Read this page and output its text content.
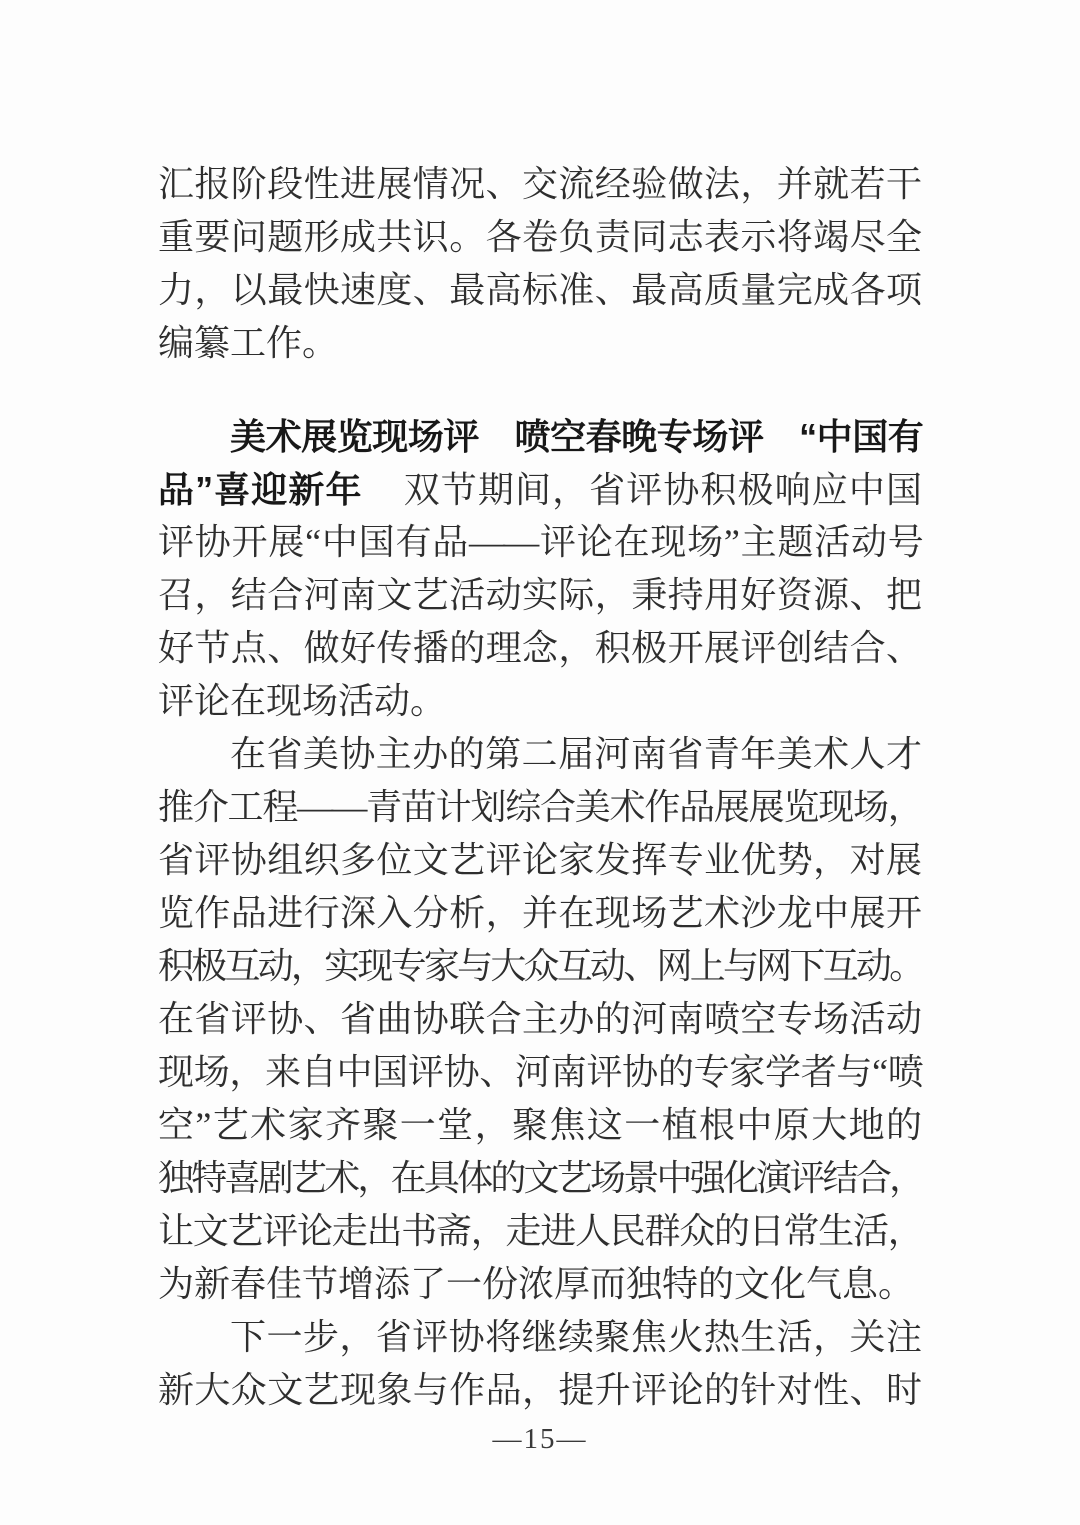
汇报阶段性进展情况、交流经验做法，并就若干
重要问题形成共识。各卷负责同志表示将竭尽全
力，以最快速度、最高标准、最高质量完成各项
编纂工作。
美术展览现场评　喷空春晚专场评　“中国有
品”喜迎新年 双节期间，省评协积极响应中国
评协开展“中国有品——评论在现场”主题活动号
召，结合河南文艺活动实际，秉持用好资源、把
好节点、做好传播的理念，积极开展评创结合、
评论在现场活动。
在省美协主办的第二届河南省青年美术人才
推介工程——青苗计划综合美术作品展展览现场，
省评协组织多位文艺评论家发挥专业优势，对展
览作品进行深入分析，并在现场艺术沙龙中展开
积极互动，实现专家与大众互动、网上与网下互动。
在省评协、省曲协联合主办的河南喷空专场活动
现场，来自中国评协、河南评协的专家学者与“喷
空”艺术家齐聚一堂，聚焦这一植根中原大地的
独特喜剧艺术，在具体的文艺场景中强化演评结合，
让文艺评论走出书斋，走进人民群众的日常生活，
为新春佳节增添了一份浓厚而独特的文化气息。
下一步，省评协将继续聚焦火热生活，关注
新大众文艺现象与作品，提升评论的针对性、时
—15—
